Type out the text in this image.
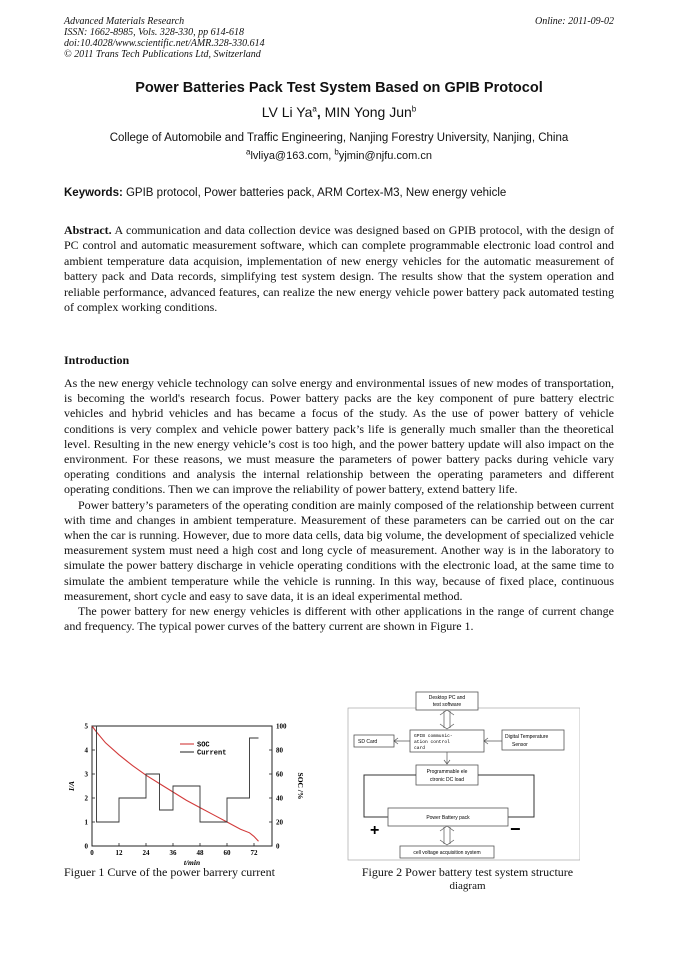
Advanced Materials Research
ISSN: 1662-8985, Vols. 328-330, pp 614-618
doi:10.4028/www.scientific.net/AMR.328-330.614
© 2011 Trans Tech Publications Ltd, Switzerland
Online: 2011-09-02
Power Batteries Pack Test System Based on GPIB Protocol
LV Li Ya$^a$, MIN Yong Jun$^b$
College of Automobile and Traffic Engineering, Nanjing Forestry University, Nanjing, China
$^a$lvliya@163.com, $^b$yjmin@njfu.com.cn
Keywords: GPIB protocol, Power batteries pack, ARM Cortex-M3, New energy vehicle
Abstract. A communication and data collection device was designed based on GPIB protocol, with the design of PC control and automatic measurement software, which can complete programmable electronic load control and ambient temperature data acquision, implementation of new energy vehicles for the automatic measurement of battery pack and Data records, simplifying test system design. The results show that the system operation and reliable performance, advanced features, can realize the new energy vehicle power battery pack automated testing of complex working conditions.
Introduction

As the new energy vehicle technology can solve energy and environmental issues of new modes of transportation, is becoming the world's research focus. Power battery packs are the key component of pure battery electric vehicles and hybrid vehicles and has became a focus of the study. As the use of power battery of vehicle conditions is very complex and vehicle power battery pack’s life is generally much smaller than the theoretical level. Resulting in the new energy vehicle’s cost is too high, and the power battery update will also impact on the environment. For these reasons, we must measure the parameters of power battery packs during vehicle vary operating conditions and analysis the internal relationship between the operating parameters and different operating conditions. Then we can improve the reliability of power battery, extend battery life.

Power battery’s parameters of the operating condition are mainly composed of the relationship between current with time and changes in ambient temperature. Measurement of these parameters can be carried out on the car when the car is running. However, due to more data cells, data big volume, the development of specialized vehicle measurement system must need a high cost and long cycle of measurement. Another way is in the laboratory to simulate the power battery discharge in vehicle operating conditions with the electronic load, at the same time to simulate the ambient temperature while the vehicle is running. In this way, because of fixed place, continuous measurement, short cycle and easy to save data, it is an ideal experimental method.

The power battery for new energy vehicles is different with other applications in the range of current change and frequency. The typical power curves of the battery current are shown in Figure 1.

0	12	24	36	48	60	72
0
1
2
3
4
5
0
20
40
60
80
100
t/min
I/A	SOC /%
SOC
Current
Desktop PC and
test software
GPIB communic-
ation control
card
SD Card
Digital Temperature
Sensor
Programmable ele
ctronic DC load
Power Battery pack
+	−
cell voltage acquisition system
Figuer 1 Curve of the power barrery current	Figure 2 Power battery test system structure
diagram
